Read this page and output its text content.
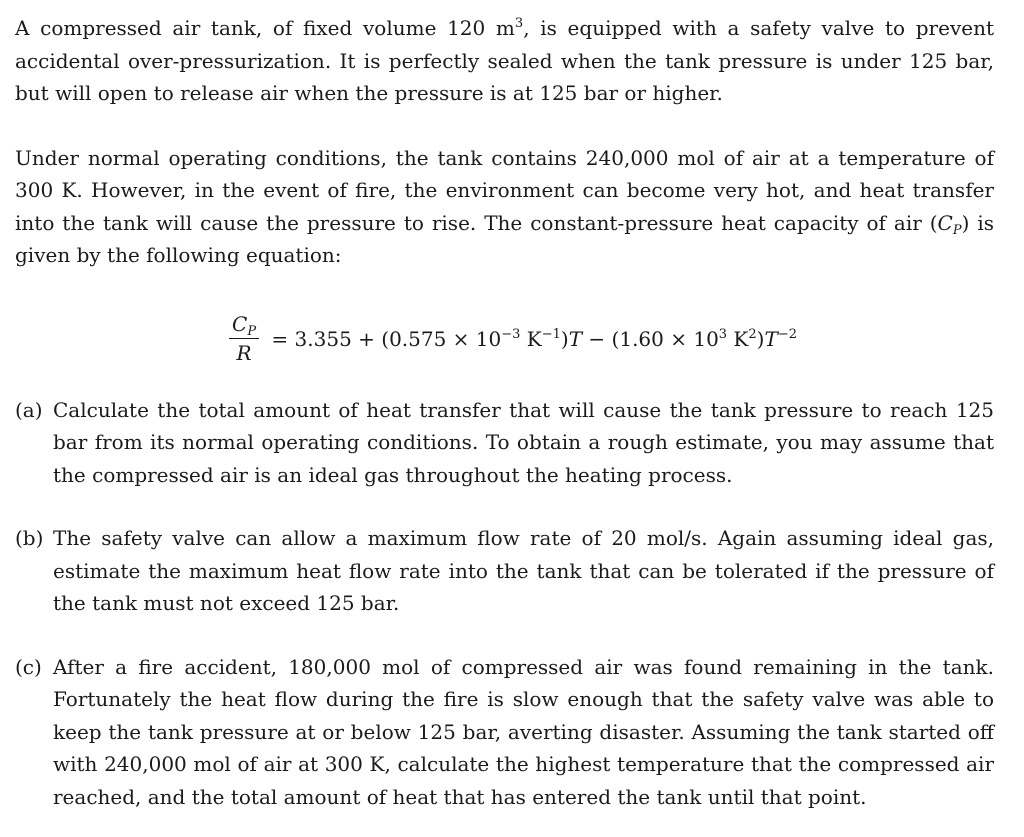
A compressed air tank, of fixed volume 120 $m^3$, is equipped with a safety valve to prevent accidental over-pressurization. It is perfectly sealed when the tank pressure is under 125 bar, but will open to release air when the pressure is at 125 bar or higher.

Under normal operating conditions, the tank contains 240,000 mol of air at a temperature of 300 K. However, in the event of fire, the environment can become very hot, and heat transfer into the tank will cause the pressure to rise. The constant-pressure heat capacity of air $(C_P)$ is given by the following equation:

$\frac{C_P}{R} = 3.355 + (0.575 \times 10^{-3}$ $K^{-1})T - (1.60 \times 10^3$ $K^2)T^{-2}$
(a) Calculate the total amount of heat transfer that will cause the tank pressure to reach 125 bar from its normal operating conditions. To obtain a rough estimate, you may assume that the compressed air is an ideal gas throughout the heating process.

(b) The safety valve can allow a maximum flow rate of 20 mol/s. Again assuming ideal gas, estimate the maximum heat flow rate into the tank that can be tolerated if the pressure of the tank must not exceed 125 bar.

(c) After a fire accident, 180,000 mol of compressed air was found remaining in the tank. Fortunately the heat flow during the fire is slow enough that the safety valve was able to keep the tank pressure at or below 125 bar, averting disaster. Assuming the tank started off with 240,000 mol of air at 300 K, calculate the highest temperature that the compressed air reached, and the total amount of heat that has entered the tank until that point.
